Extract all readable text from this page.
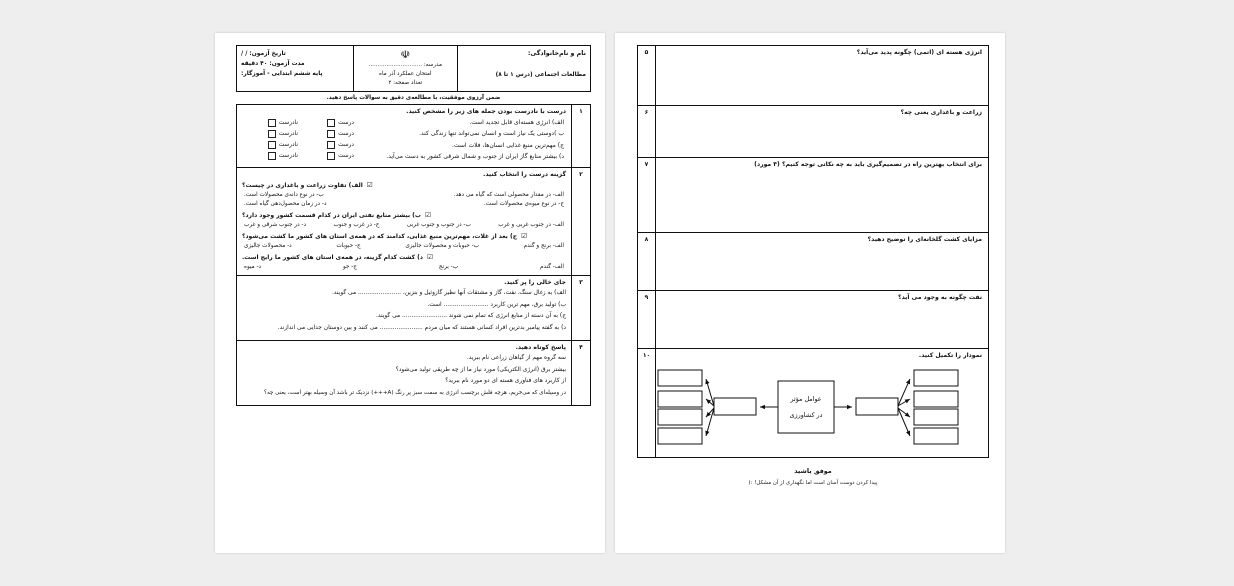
نام و نام‌خانوادگی:
مطالعات اجتماعی (درس ۱ تا ۸)

☫
مدرسه: ..............................
امتحان عملکرد آذر ماه
تعداد صفحه: ۲

تاریخ آزمون: / /
مدت آزمون: ۴۰ دقیقه
پایه ششم ابتدایی - آموزگار:
ضمن آرزوی موفقیت، با مطالعه‌ی دقیق به سوالات پاسخ دهید.
۱	
درست با نادرست بودن جمله های زیر را مشخص کنید.
الف) انرژی هسته‌ای قابل تجدید است.
درست
نادرست
ب )دوستی یک نیاز است و انسان نمی‌تواند تنها زندگی کند.
درست
نادرست
ج) مهم‌ترین منبع غذایی انسان‌ها، فلات است.
درست
نادرست
د) بیشتر منابع گاز ایران از جنوب و شمال شرقی کشور به دست می‌آید.
درست
نادرست

۲	
گزینه درست را انتخاب کنید.
☑
الف) تفاوت زراعت و باغداری در چیست؟
الف- در مقدار محصولی است که گیاه می دهد.
ب- در نوع دانه‌ی محصولات است.
ج- در نوع میوه‌ی محصولات است.
د- در زمان محصول‌دهی گیاه است.
☑
ب) بیشتر منابع نفتی ایران در کدام قسمت کشور وجود دارد؟
الف- در جنوب غربی و غرب
ب- در جنوب و جنوب غربی
ج- در غرب و جنوب
د- در جنوب شرقی و غرب
☑
ج) بعد از غلات، مهم‌ترین منبع غذایی، کدامند که در همه‌ی استان های کشور ما کشت می‌شود؟
الف- برنج و گندم
ب- حبوبات و محصولات جالیزی
ج- حبوبات
د- محصولات جالیزی
☑
د) کشت کدام گزینه، در همه‌ی استان های کشور ما رایج است.
الف- گندم
ب- برنج
ج- جو
د- میوه

۳	جای خالی را پر کنید.
الف) به زغال سنگ، نفت، گاز و مشتقات آنها نظیر گازوئیل و بنزین، ....................... می گویند.
ب) تولید برق، مهم ترین کاربرد ........................ است.
ج) به آن دسته از منابع انرژی که تمام نمی شوند ........................ می گویند.
د) به گفته پیامبر بدترین افراد کسانی هستند که میان مردم ....................... می کنند و بین دوستان جدایی می اندازند.

۴	پاسخ کوتاه دهید.
سه گروه مهم از گیاهان زراعی نام ببرید.
بیشتر برق (انرژی الکتریکی) مورد نیاز ما از چه طریقی تولید می‌شود؟
از کاربرد های فناوری هسته ای دو مورد نام ببرید؟
در وسیله‌ای که می‌خریم، هرچه فلش برچسب انرژی به سمت سبز پر رنگ (A+++) نزدیک تر باشد آن وسیله بهتر است، یعنی چه؟
انرژی هسته ای (اتمی) چگونه پدید می‌آید؟	۵

زراعت و باغداری یعنی چه؟	۶

برای انتخاب بهترین راه در تصمیم‌گیری باید به چه نکاتی توجه کنیم؟ (۴ مورد)	۷

مزایای کشت گلخانه‌ای را توضیح دهید؟	۸

نفت چگونه به وجود می آید؟	۹

نمودار را تکمیل کنید.
عوامل مؤثر
در کشاورزی	۱۰
موفق باشید
پیدا کردن دوست آسان است اما نگهداری از آن مشکل! :)
